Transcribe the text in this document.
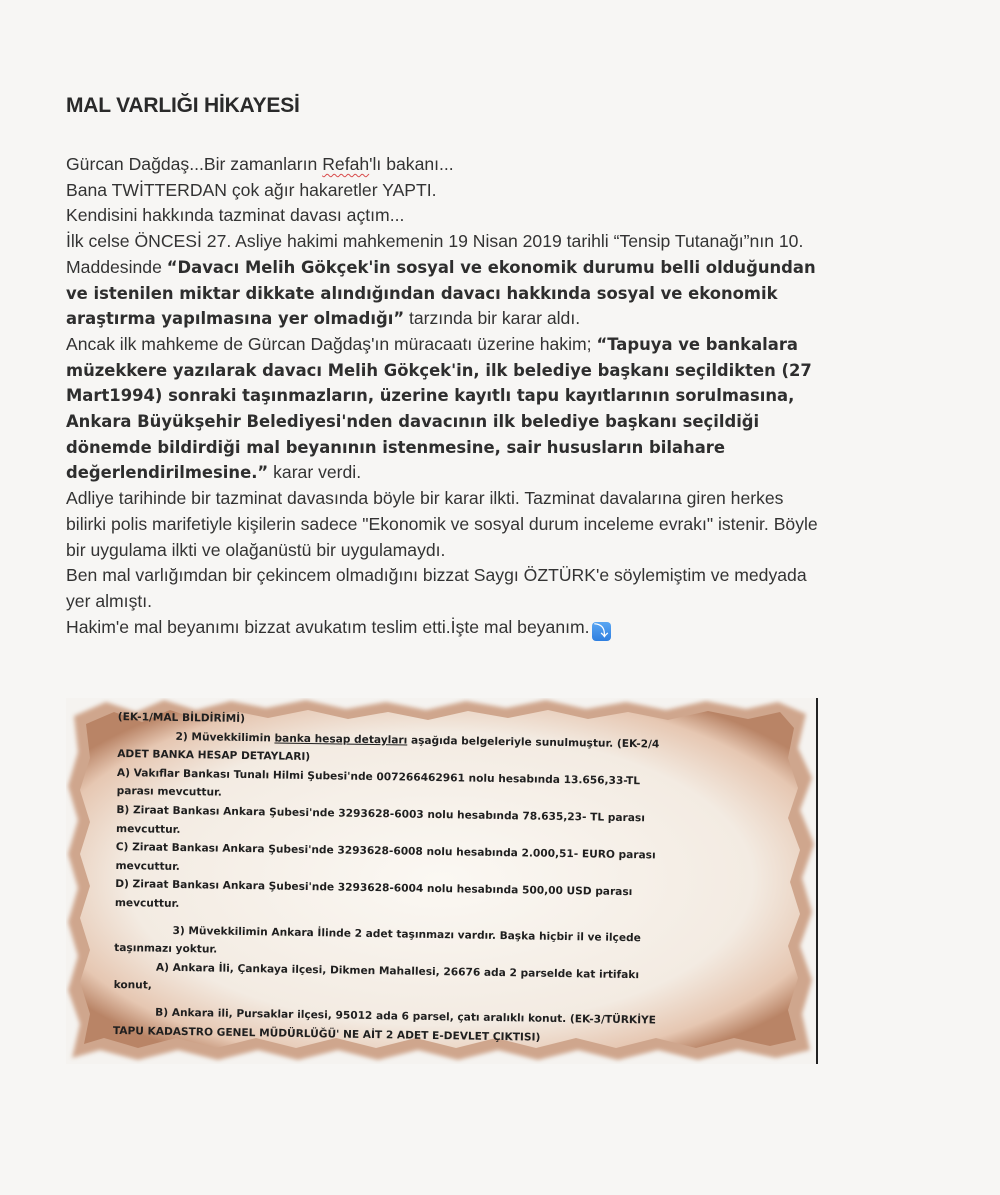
MAL VARLIĞI HİKAYESİ

Gürcan Dağdaş...Bir zamanların Refah'lı bakanı...

Bana TWİTTERDAN çok ağır hakaretler YAPTI.

Kendisini hakkında tazminat davası açtım...

İlk celse ÖNCESİ 27. Asliye hakimi mahkemenin 19 Nisan 2019 tarihli “Tensip Tutanağı”nın 10. Maddesinde “Davacı Melih Gökçek'in sosyal ve ekonomik durumu belli olduğundan ve istenilen miktar dikkate alındığından davacı hakkında sosyal ve ekonomik araştırma yapılmasına yer olmadığı” tarzında bir karar aldı.

Ancak ilk mahkeme de Gürcan Dağdaş'ın müracaatı üzerine hakim; “Tapuya ve bankalara müzekkere yazılarak davacı Melih Gökçek'in, ilk belediye başkanı seçildikten (27 Mart1994) sonraki taşınmazların, üzerine kayıtlı tapu kayıtlarının sorulmasına, Ankara Büyükşehir Belediyesi'nden davacının ilk belediye başkanı seçildiği dönemde bildirdiği mal beyanının istenmesine, sair hususların bilahare değerlendirilmesine.” karar verdi.

Adliye tarihinde bir tazminat davasında böyle bir karar ilkti. Tazminat davalarına giren herkes bilirki polis marifetiyle kişilerin sadece "Ekonomik ve sosyal durum inceleme evrakı" istenir. Böyle bir uygulama ilkti ve olağanüstü bir uygulamaydı.

Ben mal varlığımdan bir çekincem olmadığını bizzat Saygı ÖZTÜRK'e söylemiştim ve medyada yer almıştı.

Hakim'e mal beyanımı bizzat avukatım teslim etti.İşte mal beyanım. ⤵

(EK-1/MAL BİLDİRİMİ)
2) Müvekkilimin banka hesap detayları aşağıda belgeleriyle sunulmuştur. (EK-2/4
ADET BANKA HESAP DETAYLARI)
A) Vakıflar Bankası Tunalı Hilmi Şubesi'nde 007266462961 nolu hesabında 13.656,33-TL
parası mevcuttur.
B) Ziraat Bankası Ankara Şubesi'nde 3293628-6003 nolu hesabında 78.635,23- TL parası
mevcuttur.
C) Ziraat Bankası Ankara Şubesi'nde 3293628-6008 nolu hesabında 2.000,51- EURO parası
mevcuttur.
D) Ziraat Bankası Ankara Şubesi'nde 3293628-6004 nolu hesabında 500,00 USD parası
mevcuttur.
3) Müvekkilimin Ankara İlinde 2 adet taşınmazı vardır. Başka hiçbir il ve ilçede
taşınmazı yoktur.
A) Ankara İli, Çankaya ilçesi, Dikmen Mahallesi, 26676 ada 2 parselde kat irtifakı
konut,
B) Ankara ili, Pursaklar ilçesi, 95012 ada 6 parsel, çatı aralıklı konut. (EK-3/TÜRKİYE
TAPU KADASTRO GENEL MÜDÜRLÜĞÜ' NE AİT 2 ADET E-DEVLET ÇIKTISI)
